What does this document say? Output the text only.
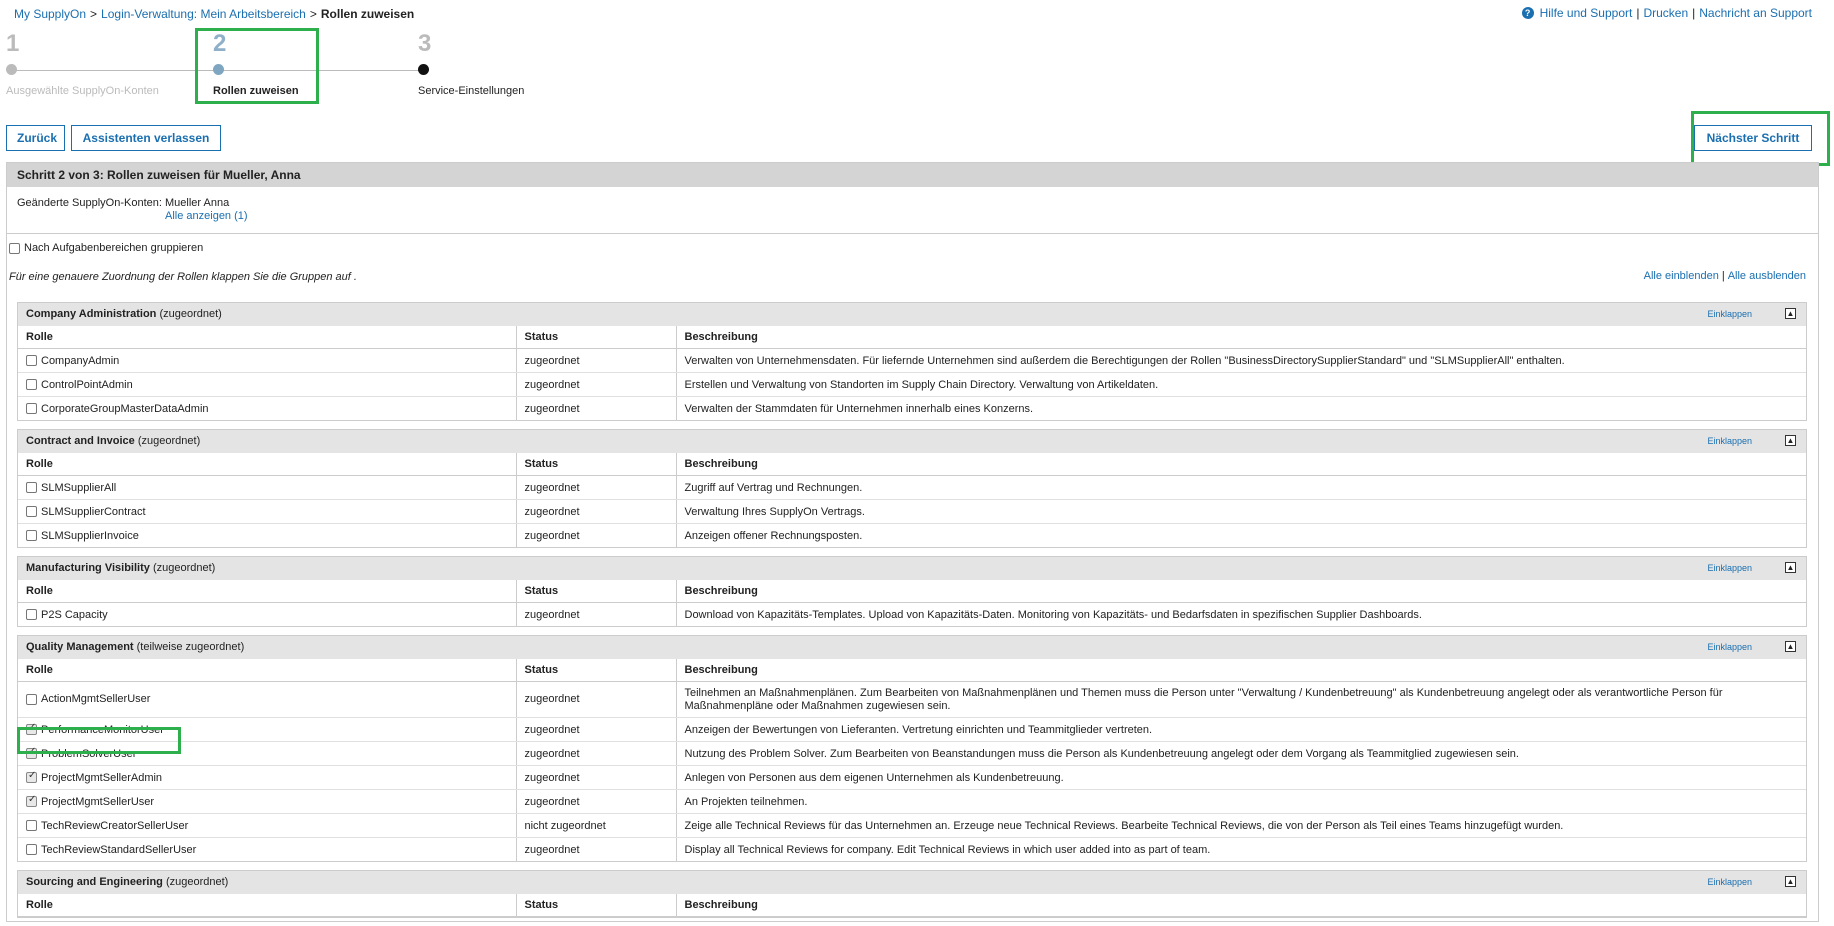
My SupplyOn > Login-Verwaltung: Mein Arbeitsbereich > Rollen zuweisen	? Hilfe und Support | Drucken | Nachricht an Support
1
Ausgewählte SupplyOn-Konten
2
Rollen zuweisen
3
Service-Einstellungen
Zurück	Assistenten verlassen	Nächster Schritt
Schritt 2 von 3: Rollen zuweisen für Mueller, Anna
Geänderte SupplyOn-Konten: Mueller Anna
Alle anzeigen (1)
Nach Aufgabenbereichen gruppieren
Für eine genauere Zuordnung der Rollen klappen Sie die Gruppen auf .	Alle einblenden | Alle ausblenden
Company Administration (zugeordnet)	Einklappen	▲
Rolle	Status	Beschreibung

CompanyAdmin	zugeordnet	Verwalten von Unternehmensdaten. Für liefernde Unternehmen sind außerdem die Berechtigungen der Rollen "BusinessDirectorySupplierStandard" und "SLMSupplierAll" enthalten.

ControlPointAdmin	zugeordnet	Erstellen und Verwaltung von Standorten im Supply Chain Directory. Verwaltung von Artikeldaten.

CorporateGroupMasterDataAdmin	zugeordnet	Verwalten der Stammdaten für Unternehmen innerhalb eines Konzerns.
Contract and Invoice (zugeordnet)	Einklappen	▲
Rolle	Status	Beschreibung

SLMSupplierAll	zugeordnet	Zugriff auf Vertrag und Rechnungen.

SLMSupplierContract	zugeordnet	Verwaltung Ihres SupplyOn Vertrags.

SLMSupplierInvoice	zugeordnet	Anzeigen offener Rechnungsposten.
Manufacturing Visibility (zugeordnet)	Einklappen	▲
Rolle	Status	Beschreibung

P2S Capacity	zugeordnet	Download von Kapazitäts-Templates. Upload von Kapazitäts-Daten. Monitoring von Kapazitäts- und Bedarfsdaten in spezifischen Supplier Dashboards.
Quality Management (teilweise zugeordnet)	Einklappen	▲
Rolle	Status	Beschreibung

ActionMgmtSellerUser	zugeordnet	Teilnehmen an Maßnahmenplänen. Zum Bearbeiten von Maßnahmenplänen und Themen muss die Person unter "Verwaltung / Kundenbetreuung" als Kundenbetreuung angelegt oder als verantwortliche Person für Maßnahmenpläne oder Maßnahmen zugewiesen sein.

✓
PerformanceMonitorUser	zugeordnet	Anzeigen der Bewertungen von Lieferanten. Vertretung einrichten und Teammitglieder vertreten.

✓
ProblemSolverUser	zugeordnet	Nutzung des Problem Solver. Zum Bearbeiten von Beanstandungen muss die Person als Kundenbetreuung angelegt oder dem Vorgang als Teammitglied zugewiesen sein.

✓
ProjectMgmtSellerAdmin	zugeordnet	Anlegen von Personen aus dem eigenen Unternehmen als Kundenbetreuung.

✓
ProjectMgmtSellerUser	zugeordnet	An Projekten teilnehmen.

TechReviewCreatorSellerUser	nicht zugeordnet	Zeige alle Technical Reviews für das Unternehmen an. Erzeuge neue Technical Reviews. Bearbeite Technical Reviews, die von der Person als Teil eines Teams hinzugefügt wurden.

TechReviewStandardSellerUser	zugeordnet	Display all Technical Reviews for company. Edit Technical Reviews in which user added into as part of team.
Sourcing and Engineering (zugeordnet)	Einklappen	▲
Rolle	Status	Beschreibung
